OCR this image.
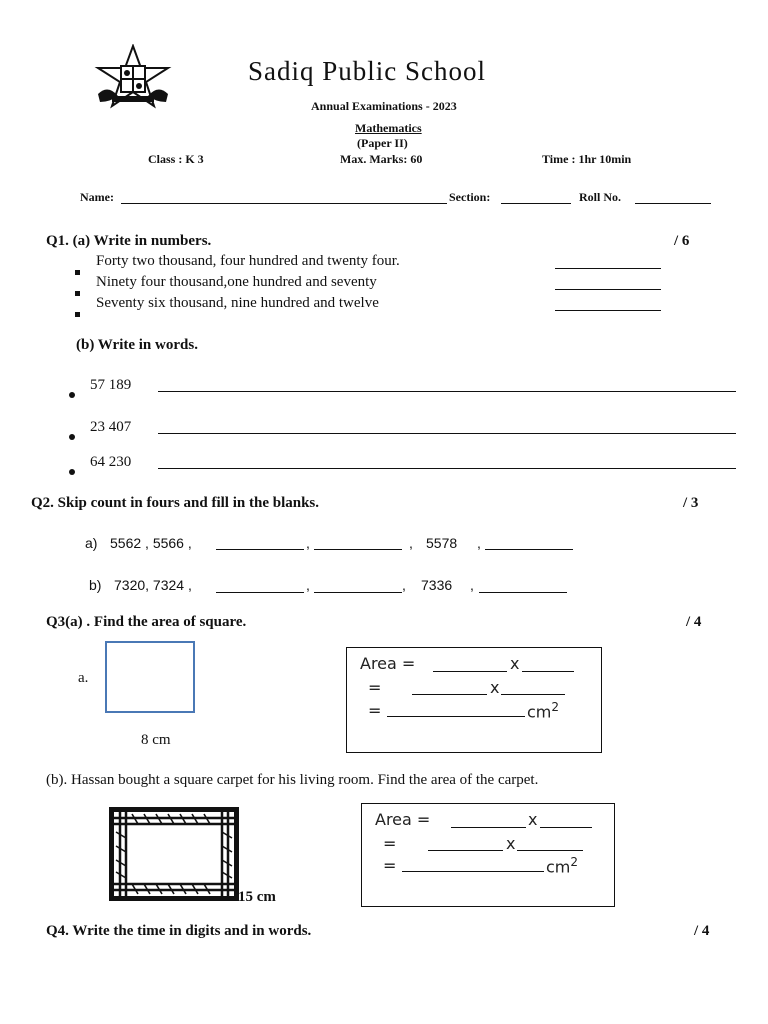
Sadiq Public School
Annual Examinations - 2023
Mathematics
(Paper II)
Class : K 3	Max. Marks: 60	Time : 1hr 10min
Name:	Section:	Roll No.
Q1. (a) Write in numbers.	/ 6
Forty two thousand, four hundred and twenty four.
Ninety four thousand,one hundred and seventy
Seventy six thousand, nine hundred and twelve
(b) Write in words.
57 189
23 407
64 230
Q2. Skip count in fours and fill in the blanks.	/ 3
a) 5562 , 5566 ,	,	, 5578 ,
b) 7320, 7324 ,	,	, 7336 ,
Q3(a) . Find the area of square.	/ 4
a.
8 cm
Area =	x
=	x
=	$cm^2$
(b). Hassan bought a square carpet for his living room. Find the area of the carpet.
15 cm
Area =	x
=	x
=	$cm^2$
Q4. Write the time in digits and in words.	/ 4
